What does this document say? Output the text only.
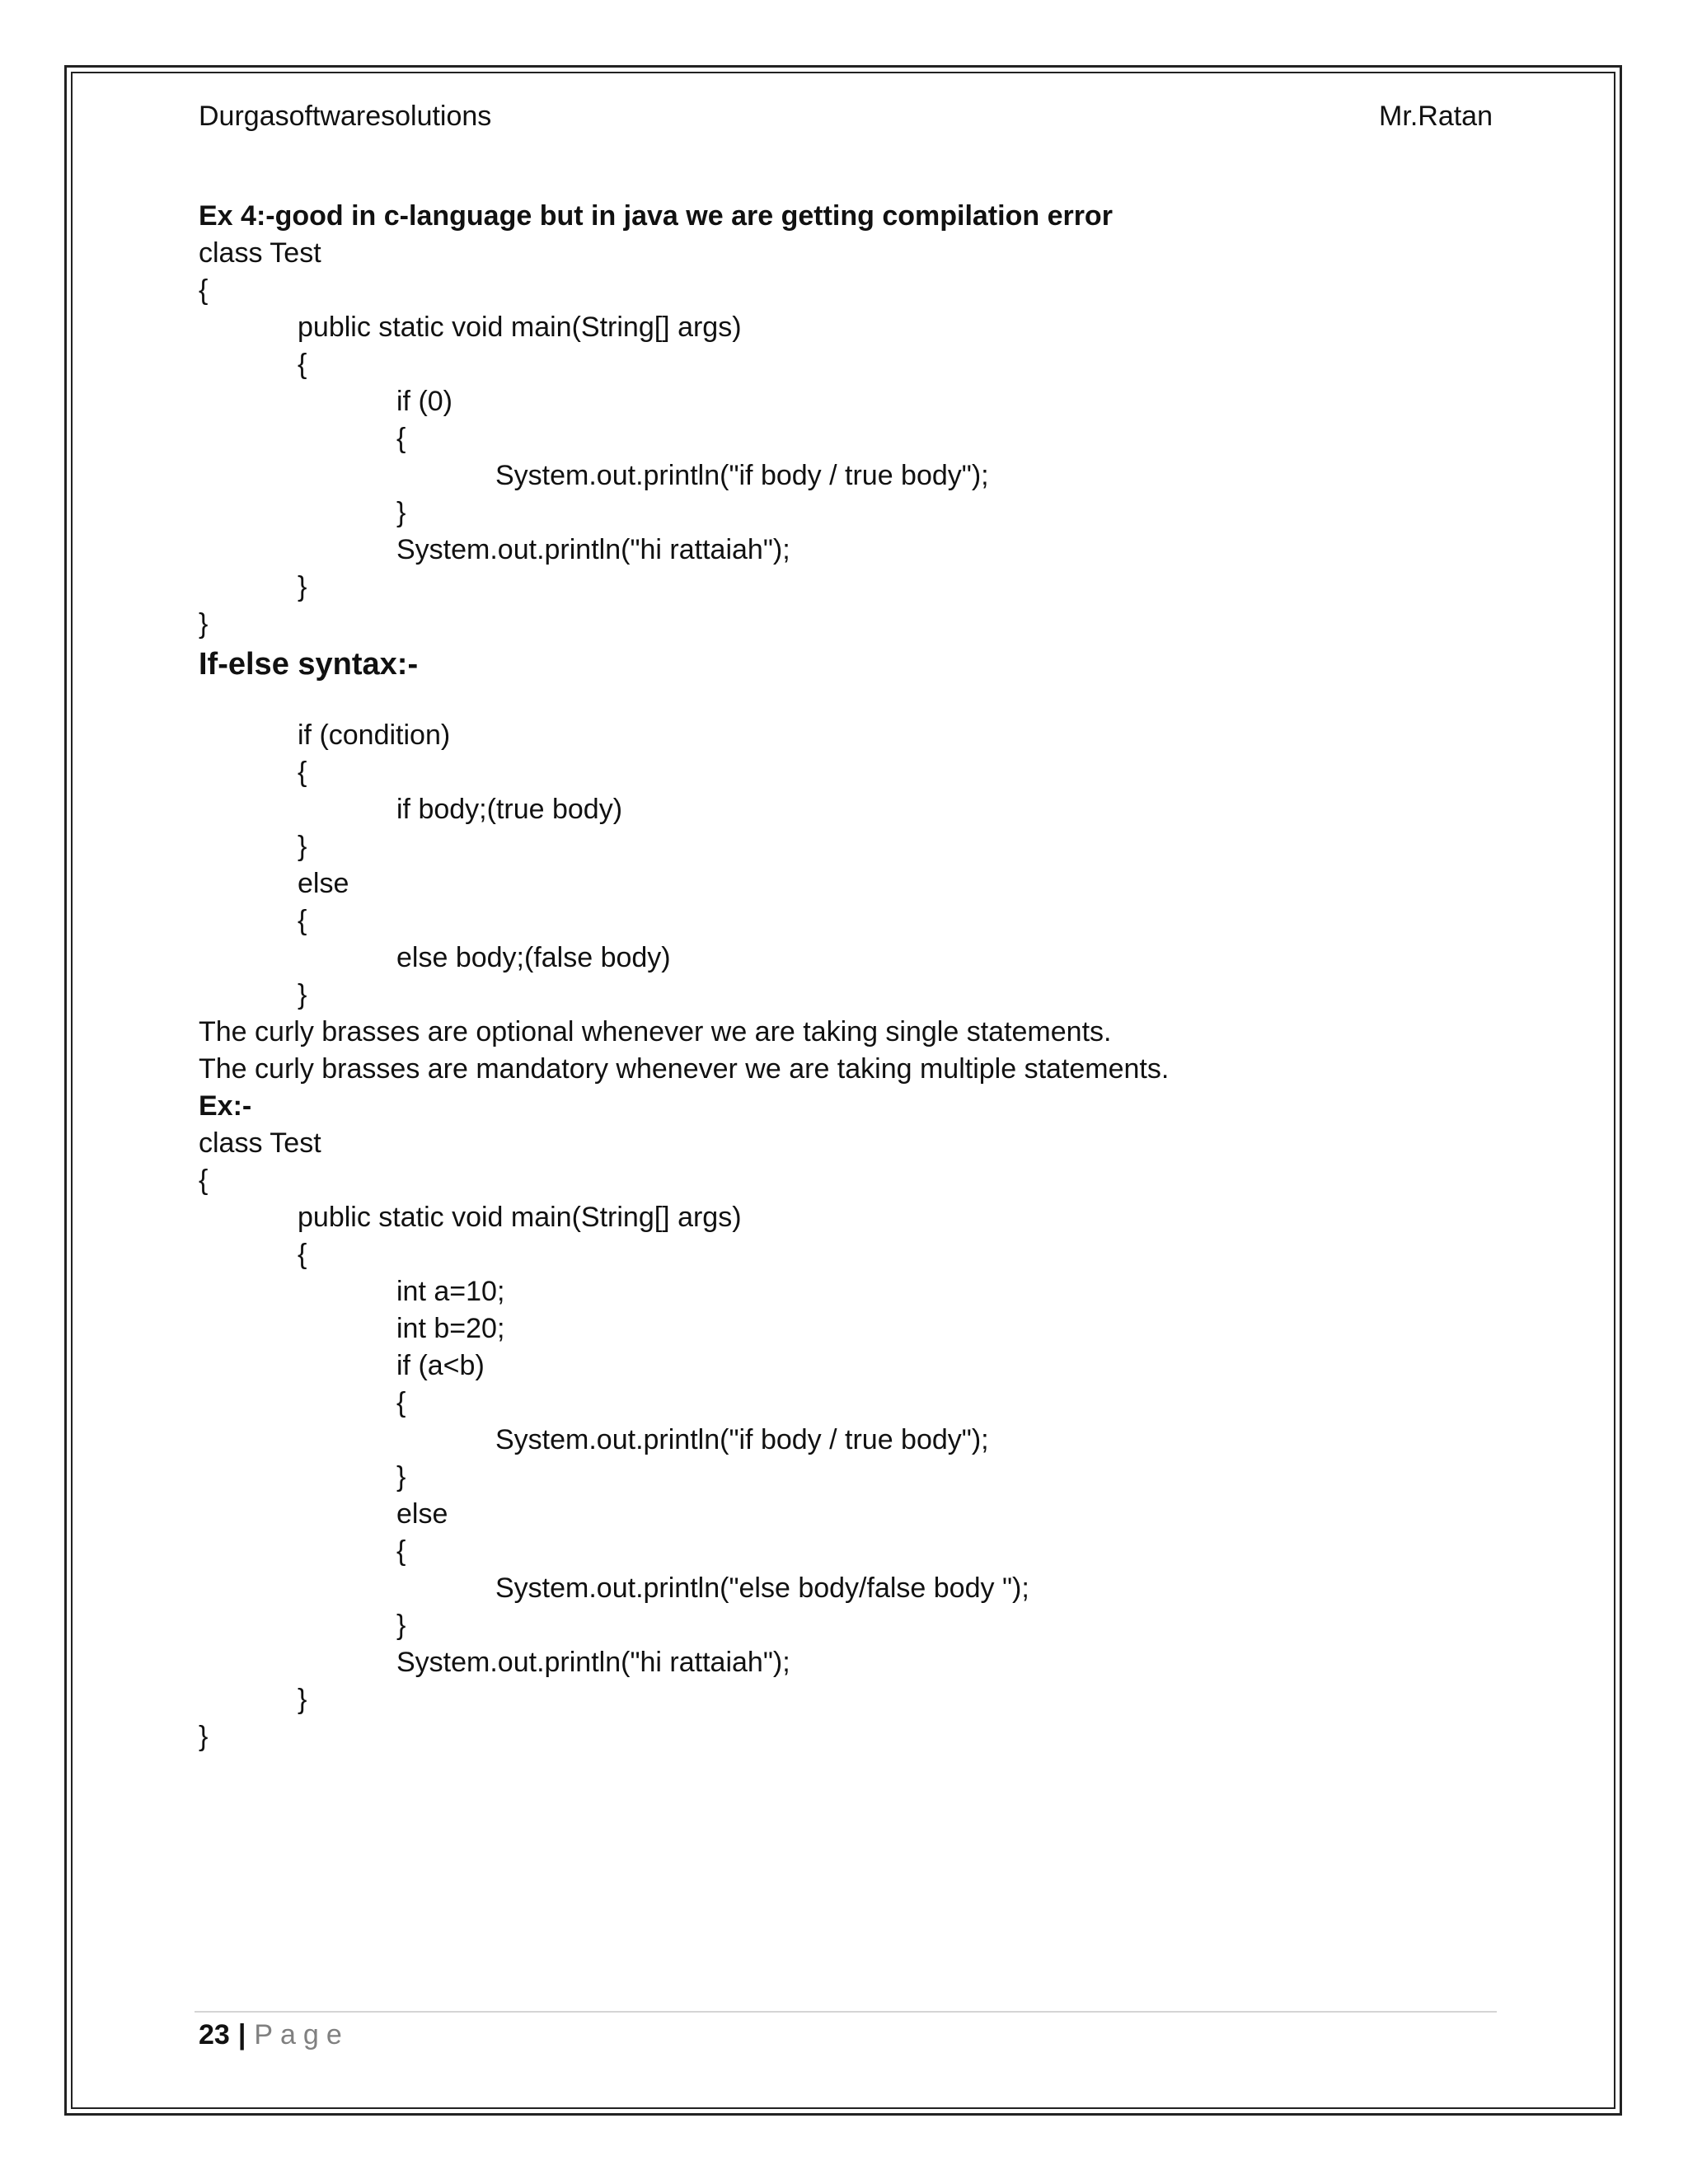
Durgasoftwaresolutions	Mr.Ratan
Ex 4:-good in c-language but in java we are getting compilation error
class Test
{
public static void main(String[] args)
{
if (0)
{
System.out.println("if body / true body");
}
System.out.println("hi rattaiah");
}
}
If-else syntax:-
if (condition)
{
if body;(true body)
}
else
{
else body;(false body)
}
The curly brasses are optional whenever we are taking single statements.
The curly brasses are mandatory whenever we are taking multiple statements.
Ex:-
class Test
{
public static void main(String[] args)
{
int a=10;
int b=20;
if (a<b)
{
System.out.println("if body / true body");
}
else
{
System.out.println("else body/false body ");
}
System.out.println("hi rattaiah");
}
}
23 | Page
